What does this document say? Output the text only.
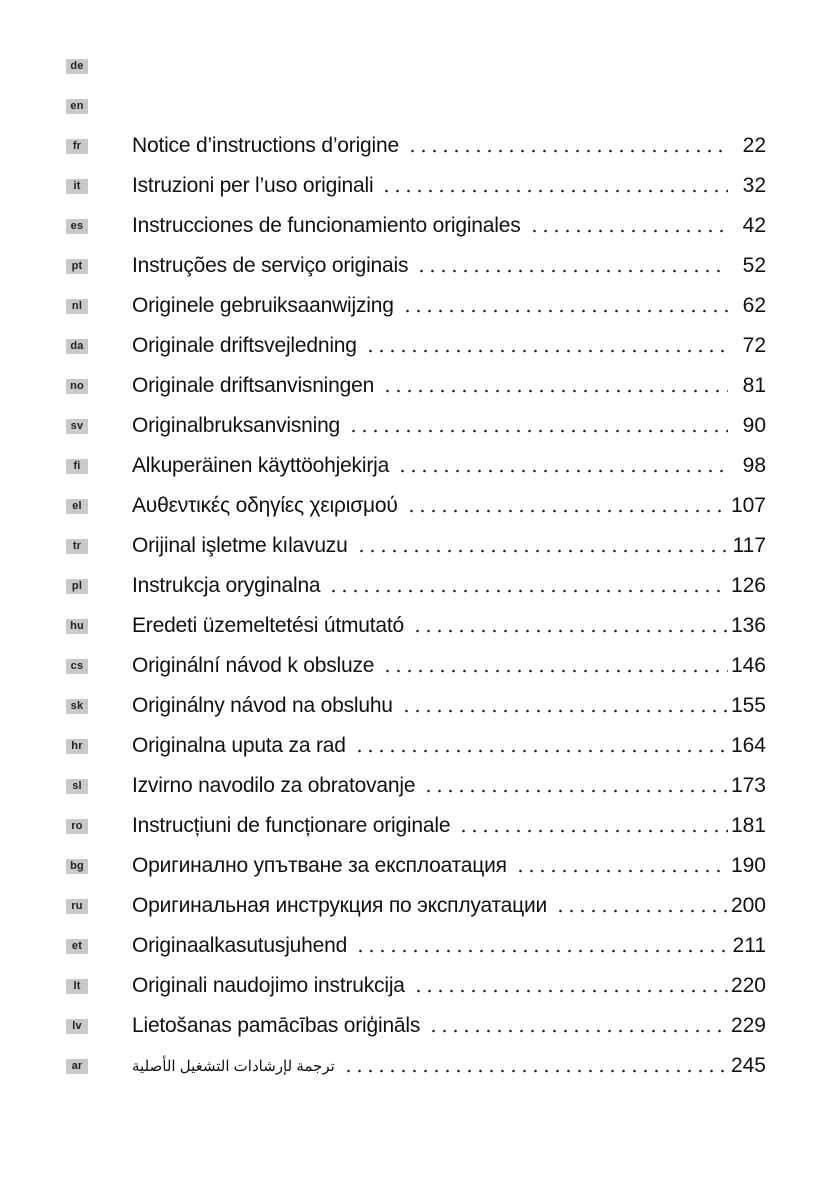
de
en
fr	Notice d’instructions d’origine	22
it	Istruzioni per l’uso originali	32
es Instrucciones de funcionamiento originales	42
pt Instruções de serviço originais	52
nl Originele gebruiksaanwijzing	62
da Originale driftsvejledning	72
no Originale driftsanvisningen	81
sv Originalbruksanvisning	90
fi	Alkuperäinen käyttöohjekirja	98
el Αυθεντικές οδηγίες χειρισμού	107
tr	Orijinal işletme kılavuzu	117
pl Instrukcja oryginalna	126
hu Eredeti üzemeltetési útmutató	136
cs Originální návod k obsluze	146
sk Originálny návod na obsluhu	155
hr Originalna uputa za rad	164
sl Izvirno navodilo za obratovanje	173
ro Instrucțiuni de funcționare originale	181
bg Оригинално упътване за експлоатация	190
ru Оригинальная инструкция по эксплуатации	200
et Originaalkasutusjuhend	211
lt	Originali naudojimo instrukcija	220
lv Lietošanas pamācības oriģināls	229
ar	ترجمة لإرشادات التشغيل الأصلية	245
